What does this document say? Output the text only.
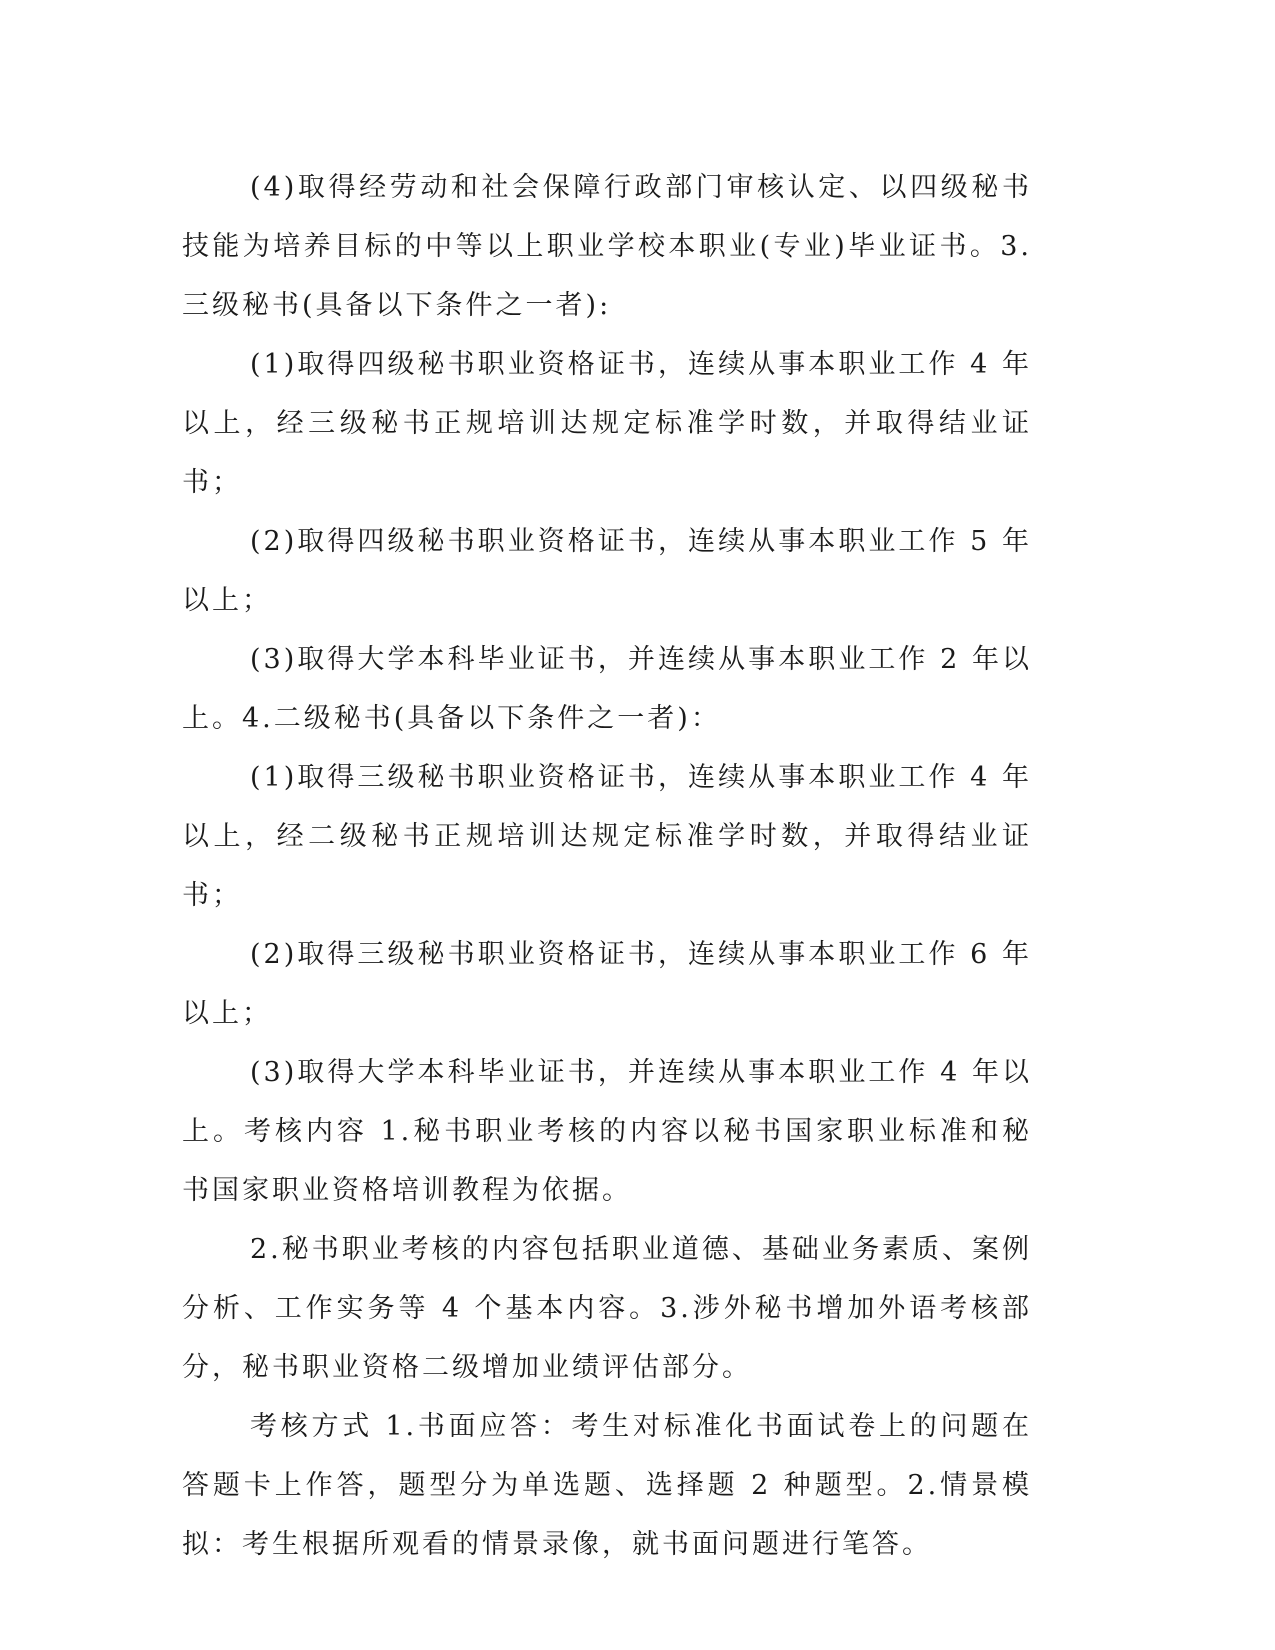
(4)取得经劳动和社会保障行政部门审核认定、以四级秘书技能为培养目标的中等以上职业学校本职业(专业)毕业证书。3.三级秘书(具备以下条件之一者):

(1)取得四级秘书职业资格证书，连续从事本职业工作 4 年以上，经三级秘书正规培训达规定标准学时数，并取得结业证书；

(2)取得四级秘书职业资格证书，连续从事本职业工作 5 年以上；

(3)取得大学本科毕业证书，并连续从事本职业工作 2 年以上。4.二级秘书(具备以下条件之一者)：

(1)取得三级秘书职业资格证书，连续从事本职业工作 4 年以上，经二级秘书正规培训达规定标准学时数，并取得结业证书；

(2)取得三级秘书职业资格证书，连续从事本职业工作 6 年以上；

(3)取得大学本科毕业证书，并连续从事本职业工作 4 年以上。考核内容 1.秘书职业考核的内容以秘书国家职业标准和秘书国家职业资格培训教程为依据。

2.秘书职业考核的内容包括职业道德、基础业务素质、案例分析、工作实务等 4 个基本内容。3.涉外秘书增加外语考核部分，秘书职业资格二级增加业绩评估部分。

考核方式 1.书面应答：考生对标准化书面试卷上的问题在答题卡上作答，题型分为单选题、选择题 2 种题型。2.情景模拟：考生根据所观看的情景录像，就书面问题进行笔答。
